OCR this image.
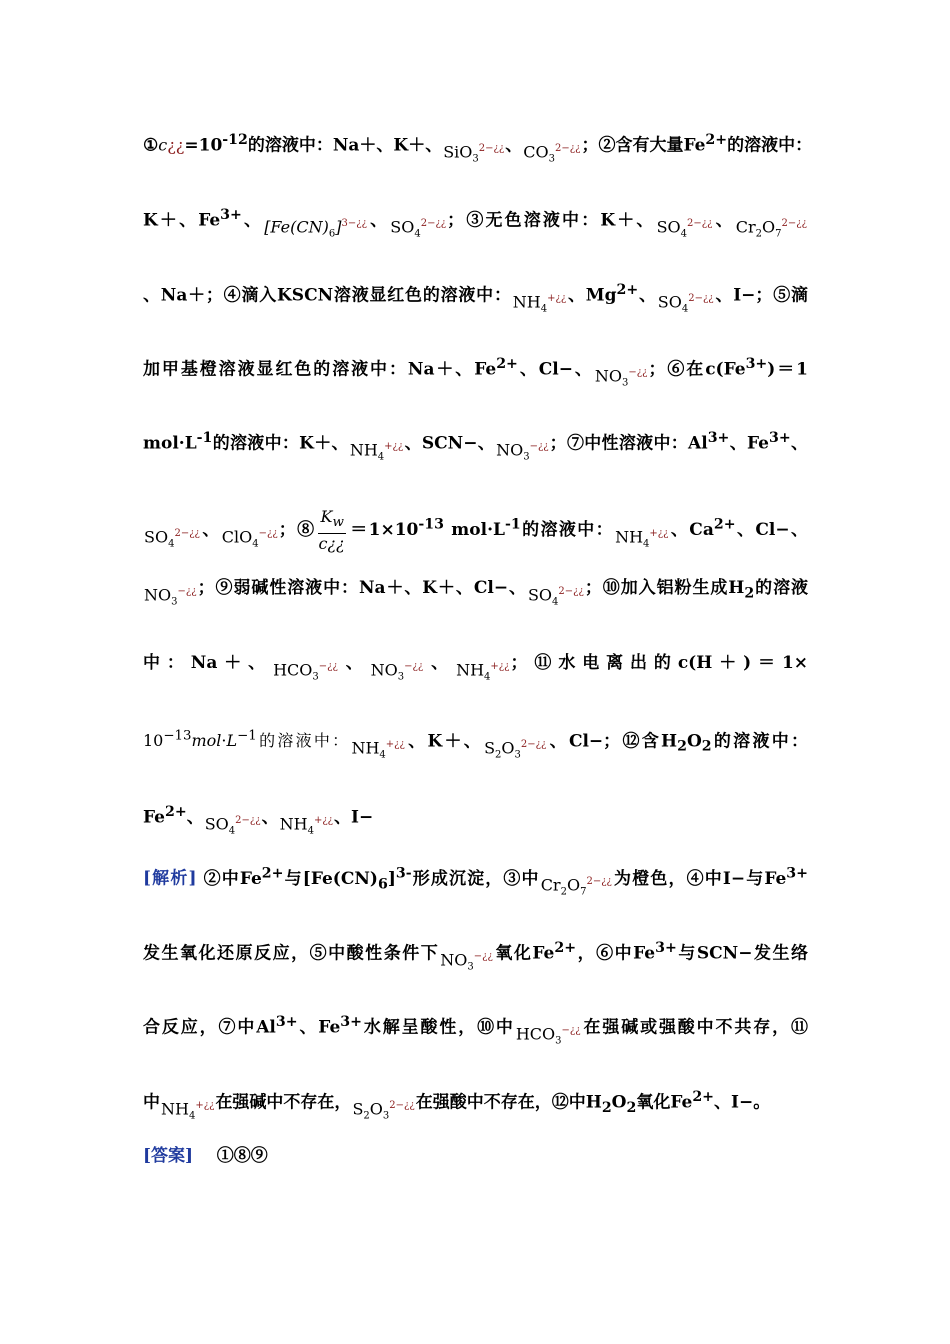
$①c¿¿=10^{-12}$的溶液中：Na＋、K＋、SiO$_3^{2-¿¿}$、$CO_3^{2-¿¿}$；②含有大量$Fe^{2+}$的溶液中：
K＋、$Fe^{3+}$、$[Fe(CN)_6]^{3-¿¿}$、$SO_4^{2-¿¿}$；③无色溶液中：K＋、$SO_4^{2-¿¿}$、$Cr_2O_7^{2-¿¿}$
、Na＋；④滴入KSCN溶液显红色的溶液中：$NH_4^{+¿¿}$、$Mg^{2+}$、$SO_4^{2-¿¿}$、I−；⑤滴
加甲基橙溶液显红色的溶液中：Na＋、$Fe^{2+}$、Cl−、$NO_3^{-¿¿}$；⑥在$c(Fe^{3+})=1$
$mol\cdot L^{-1}$的溶液中：K＋、$NH_4^{+¿¿}$、SCN−、$NO_3^{-¿¿}$；⑦中性溶液中：$Al^{3+}$、$Fe^{3+}$、
$SO_4^{2-¿¿}$、ClO$_4$−¿¿；⑧ $\frac{K_w}{c¿¿} =1\times 10^{-13}$ $mol\cdot L^{-1}$的溶液中：$NH_4^{+¿¿}$、$Ca^{2+}$、Cl−、
$NO_3^{-¿¿}$；⑨弱碱性溶液中：Na＋、K＋、Cl−、$SO_4^{2-¿¿}$；⑩加入铝粉生成$H_2$的溶液
中：Na＋、$HCO_3^{-¿¿}$、$NO_3^{-¿¿}$、$NH_4^{+¿¿}$；⑪水电离出的c(H＋)＝1×
$10^{-13}mol\cdot L^{-1}$的溶液中：$NH_4^{+¿¿}$、K＋、$S_2O_3^{2-¿¿}$、Cl−；⑫含$H_2O_2$的溶液中：
$Fe^{2+}$、$SO_4^{2-¿¿}$、$NH_4^{+¿¿}$、I−
[解析] ②中$Fe^{2+}$与$[Fe(CN)_6]^{3-}$形成沉淀，③中$Cr_2O_7^{2-¿¿}$为橙色，④中I−与$Fe^{3+}$
发生氧化还原反应，⑤中酸性条件下$NO_3^{-¿¿}$氧化$Fe^{2+}$，⑥中$Fe^{3+}$与SCN−发生络
合反应，⑦中$Al^{3+}$、$Fe^{3+}$水解呈酸性，⑩中$HCO_3^{-¿¿}$在强碱或强酸中不共存，⑪
中$NH_4^{+¿¿}$在强碱中不存在，$S_2O_3^{2-¿¿}$在强酸中不存在，⑫中$H_2O_2$氧化$Fe^{2+}$、I−。
[答案] ①⑧⑨
